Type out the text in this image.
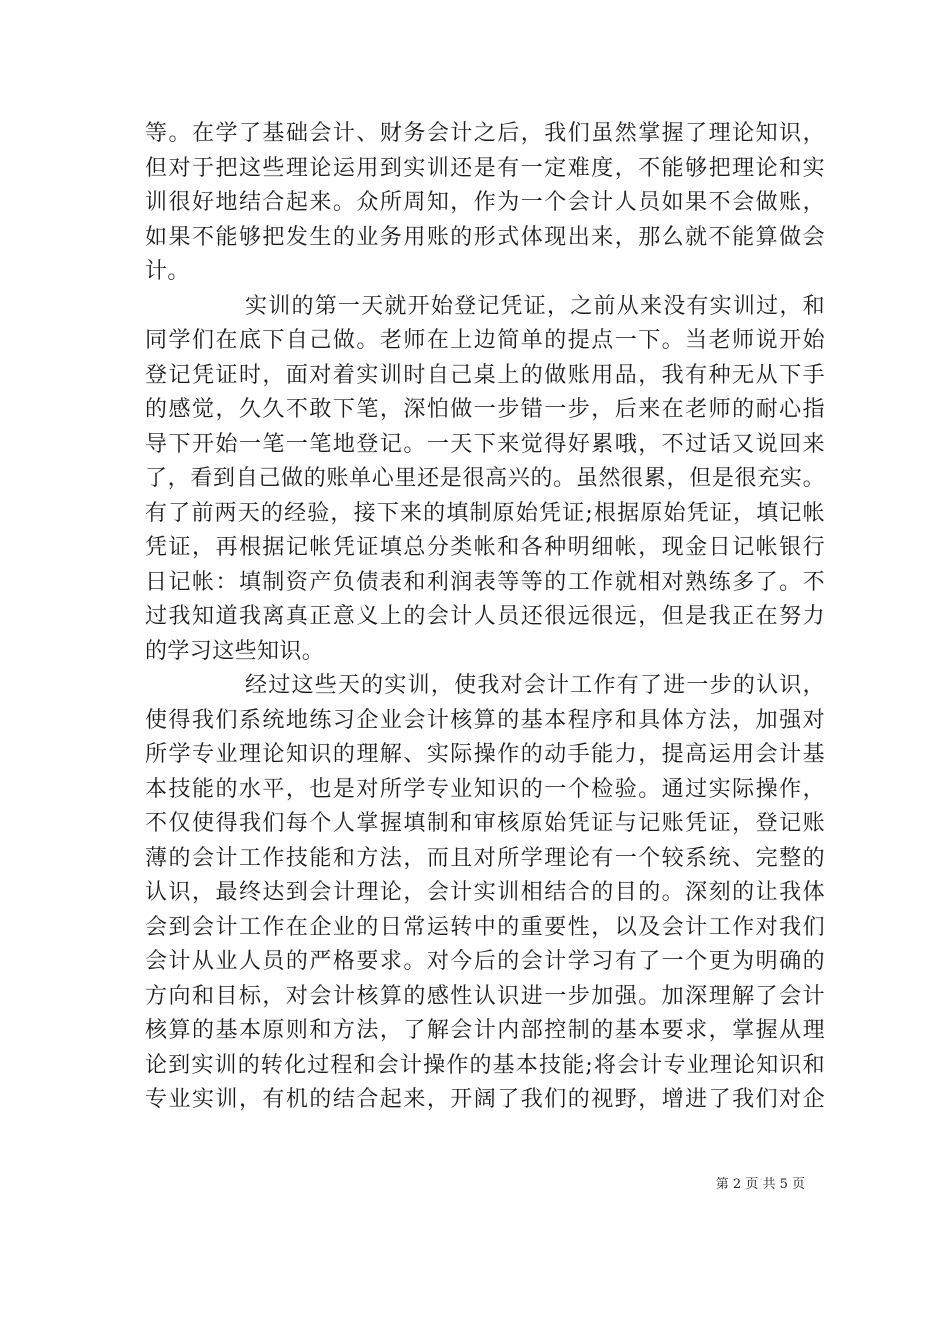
等。在学了基础会计、财务会计之后，我们虽然掌握了理论知识，
但对于把这些理论运用到实训还是有一定难度，不能够把理论和实
训很好地结合起来。众所周知，作为一个会计人员如果不会做账，
如果不能够把发生的业务用账的形式体现出来，那么就不能算做会
计。
实训的第一天就开始登记凭证，之前从来没有实训过，和
同学们在底下自己做。老师在上边简单的提点一下。当老师说开始
登记凭证时，面对着实训时自己桌上的做账用品，我有种无从下手
的感觉，久久不敢下笔，深怕做一步错一步，后来在老师的耐心指
导下开始一笔一笔地登记。一天下来觉得好累哦，不过话又说回来
了，看到自己做的账单心里还是很高兴的。虽然很累，但是很充实。
有了前两天的经验，接下来的填制原始凭证;根据原始凭证，填记帐
凭证，再根据记帐凭证填总分类帐和各种明细帐，现金日记帐银行
日记帐：填制资产负债表和利润表等等的工作就相对熟练多了。不
过我知道我离真正意义上的会计人员还很远很远，但是我正在努力
的学习这些知识。
经过这些天的实训，使我对会计工作有了进一步的认识，
使得我们系统地练习企业会计核算的基本程序和具体方法，加强对
所学专业理论知识的理解、实际操作的动手能力，提高运用会计基
本技能的水平，也是对所学专业知识的一个检验。通过实际操作，
不仅使得我们每个人掌握填制和审核原始凭证与记账凭证，登记账
薄的会计工作技能和方法，而且对所学理论有一个较系统、完整的
认识，最终达到会计理论，会计实训相结合的目的。深刻的让我体
会到会计工作在企业的日常运转中的重要性，以及会计工作对我们
会计从业人员的严格要求。对今后的会计学习有了一个更为明确的
方向和目标，对会计核算的感性认识进一步加强。加深理解了会计
核算的基本原则和方法，了解会计内部控制的基本要求，掌握从理
论到实训的转化过程和会计操作的基本技能;将会计专业理论知识和
专业实训，有机的结合起来，开阔了我们的视野，增进了我们对企
第 2 页 共 5 页
